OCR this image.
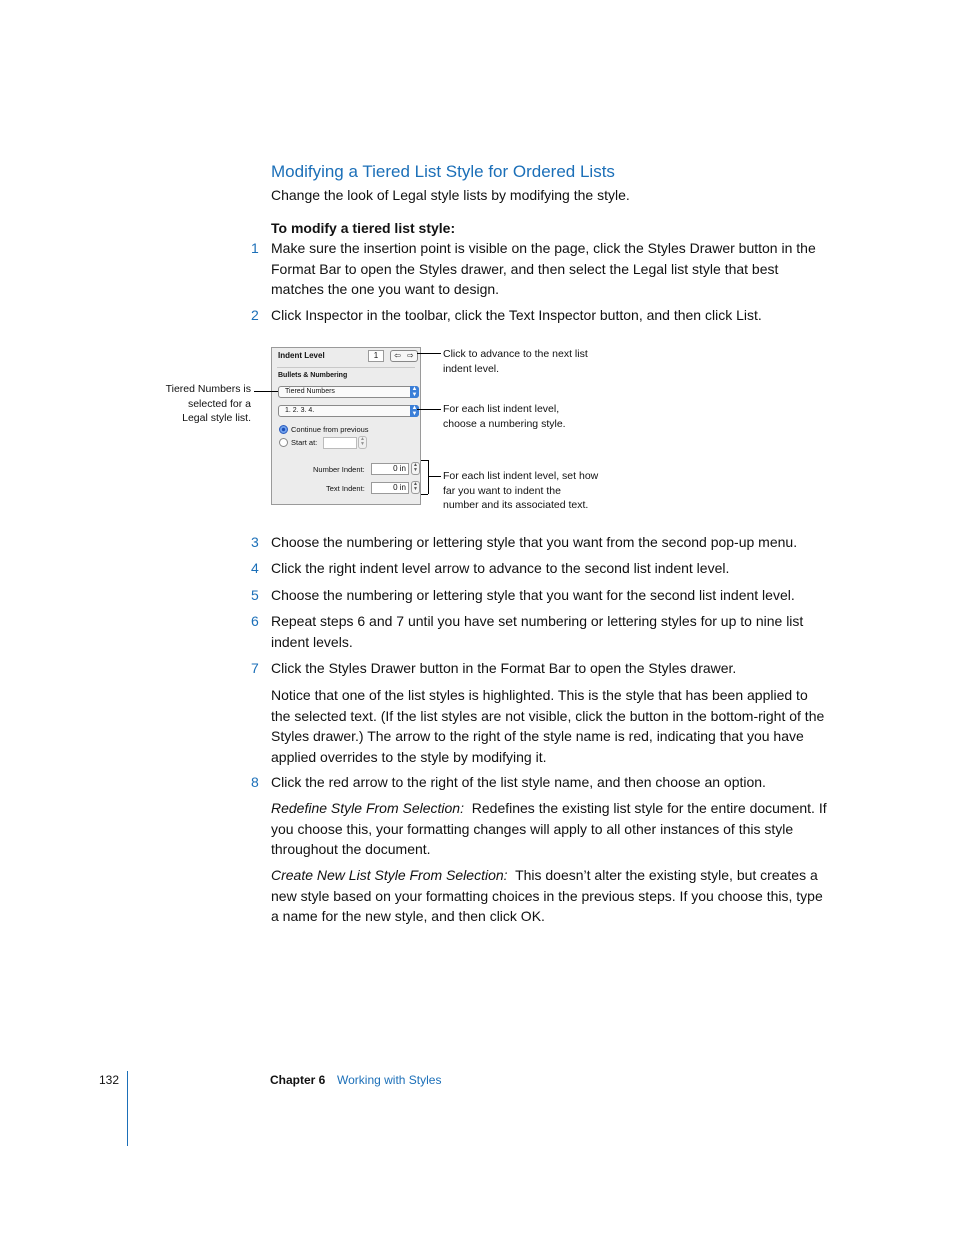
Modifying a Tiered List Style for Ordered Lists

Change the look of Legal style lists by modifying the style.

To modify a tiered list style:

1 Make sure the insertion point is visible on the page, click the Styles Drawer button in the Format Bar to open the Styles drawer, and then select the Legal list style that best matches the one you want to design.
2 Click Inspector in the toolbar, click the Text Inspector button, and then click List.
Indent Level	1	⇦ ⇨
Bullets & Numbering
Tiered Numbers	▲
▼
1. 2. 3. 4.	▲
▼
Continue from previous
Start at:	▲
▼
Number Indent:	0 in	▲
▼
Text Indent:	0 in	▲
▼
Tiered Numbers is selected for a Legal style list.
Click to advance to the next list indent level.
For each list indent level, choose a numbering style.
For each list indent level, set how far you want to indent the number and its associated text.
3 Choose the numbering or lettering style that you want from the second pop-up menu.
4 Click the right indent level arrow to advance to the second list indent level.
5 Choose the numbering or lettering style that you want for the second list indent level.
6 Repeat steps 6 and 7 until you have set numbering or lettering styles for up to nine list indent levels.
7 Click the Styles Drawer button in the Format Bar to open the Styles drawer.

Notice that one of the list styles is highlighted. This is the style that has been applied to the selected text. (If the list styles are not visible, click the button in the bottom-right of the Styles drawer.) The arrow to the right of the style name is red, indicating that you have applied overrides to the style by modifying it.

8 Click the red arrow to the right of the list style name, and then choose an option.

Redefine Style From Selection: Redefines the existing list style for the entire document. If you choose this, your formatting changes will apply to all other instances of this style throughout the document.

Create New List Style From Selection: This doesn’t alter the existing style, but creates a new style based on your formatting choices in the previous steps. If you choose this, type a name for the new style, and then click OK.

132	Chapter 6 Working with Styles
